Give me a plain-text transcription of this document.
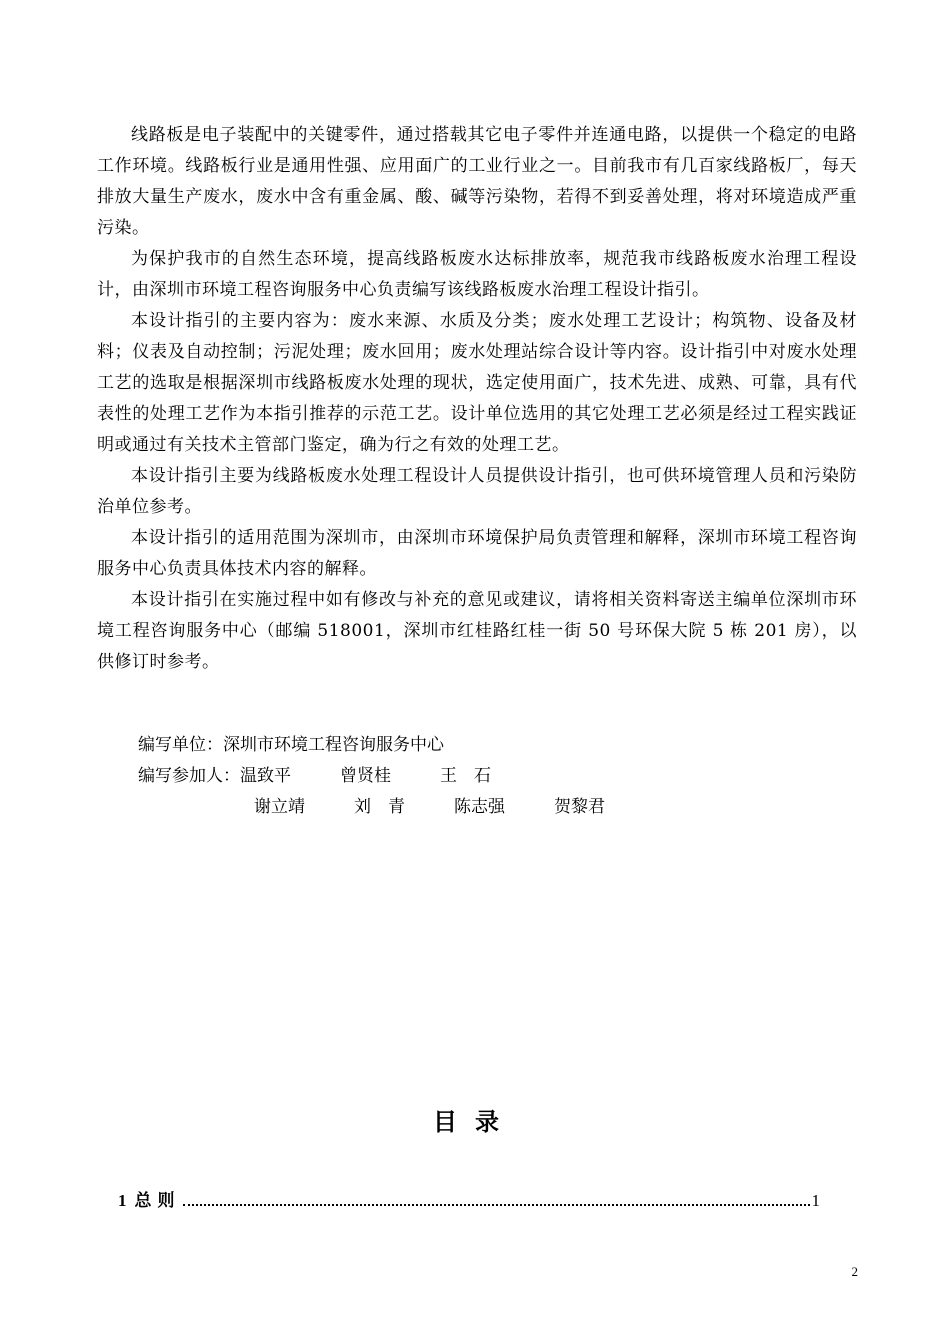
线路板是电子装配中的关键零件，通过搭载其它电子零件并连通电路，以提供一个稳定的电路工作环境。线路板行业是通用性强、应用面广的工业行业之一。目前我市有几百家线路板厂，每天排放大量生产废水，废水中含有重金属、酸、碱等污染物，若得不到妥善处理，将对环境造成严重污染。

为保护我市的自然生态环境，提高线路板废水达标排放率，规范我市线路板废水治理工程设计，由深圳市环境工程咨询服务中心负责编写该线路板废水治理工程设计指引。

本设计指引的主要内容为：废水来源、水质及分类；废水处理工艺设计；构筑物、设备及材料；仪表及自动控制；污泥处理；废水回用；废水处理站综合设计等内容。设计指引中对废水处理工艺的选取是根据深圳市线路板废水处理的现状，选定使用面广，技术先进、成熟、可靠，具有代表性的处理工艺作为本指引推荐的示范工艺。设计单位选用的其它处理工艺必须是经过工程实践证明或通过有关技术主管部门鉴定，确为行之有效的处理工艺。

本设计指引主要为线路板废水处理工程设计人员提供设计指引，也可供环境管理人员和污染防治单位参考。

本设计指引的适用范围为深圳市，由深圳市环境保护局负责管理和解释，深圳市环境工程咨询服务中心负责具体技术内容的解释。

本设计指引在实施过程中如有修改与补充的意见或建议，请将相关资料寄送主编单位深圳市环境工程咨询服务中心（邮编 518001，深圳市红桂路红桂一街 50 号环保大院 5 栋 201 房），以供修订时参考。

编写单位：深圳市环境工程咨询服务中心
编写参加人： 温致平	曾贤桂	王　石
谢立靖	刘　青	陈志强	贺黎君
目录
1 总则	1
2
